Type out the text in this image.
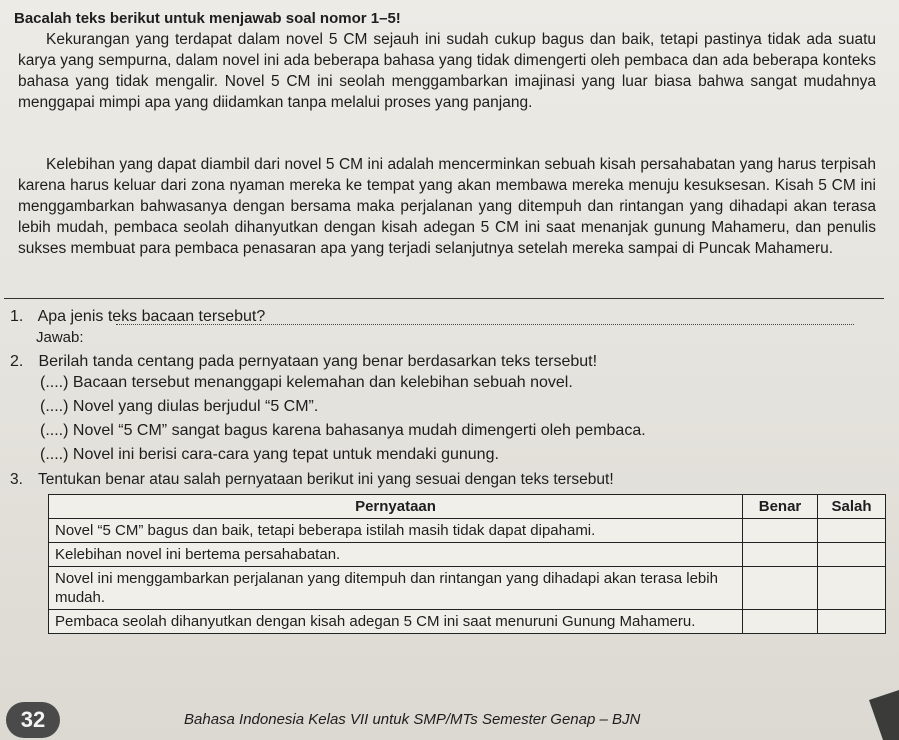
Bacalah teks berikut untuk menjawab soal nomor 1–5!

Kekurangan yang terdapat dalam novel 5 CM sejauh ini sudah cukup bagus dan baik, tetapi pastinya tidak ada suatu karya yang sempurna, dalam novel ini ada beberapa bahasa yang tidak dimengerti oleh pembaca dan ada beberapa konteks bahasa yang tidak mengalir. Novel 5 CM ini seolah menggambarkan imajinasi yang luar biasa bahwa sangat mudahnya menggapai mimpi apa yang diidamkan tanpa melalui proses yang panjang.

Kelebihan yang dapat diambil dari novel 5 CM ini adalah mencerminkan sebuah kisah persahabatan yang harus terpisah karena harus keluar dari zona nyaman mereka ke tempat yang akan membawa mereka menuju kesuksesan. Kisah 5 CM ini menggambarkan bahwasanya dengan bersama maka perjalanan yang ditempuh dan rintangan yang dihadapi akan terasa lebih mudah, pembaca seolah dihanyutkan dengan kisah adegan 5 CM ini saat menanjak gunung Mahameru, dan penulis sukses membuat para pembaca penasaran apa yang terjadi selanjutnya setelah mereka sampai di Puncak Mahameru.

1. Apa jenis teks bacaan tersebut?
Jawab:
2. Berilah tanda centang pada pernyataan yang benar berdasarkan teks tersebut!
(....) Bacaan tersebut menanggapi kelemahan dan kelebihan sebuah novel.
(....) Novel yang diulas berjudul “5 CM”.
(....) Novel “5 CM” sangat bagus karena bahasanya mudah dimengerti oleh pembaca.
(....) Novel ini berisi cara-cara yang tepat untuk mendaki gunung.
3. Tentukan benar atau salah pernyataan berikut ini yang sesuai dengan teks tersebut!
Pernyataan	Benar	Salah
Novel “5 CM” bagus dan baik, tetapi beberapa istilah masih tidak dapat dipahami.		
Kelebihan novel ini bertema persahabatan.		
Novel ini menggambarkan perjalanan yang ditempuh dan rintangan yang dihadapi akan terasa lebih mudah.		
Pembaca seolah dihanyutkan dengan kisah adegan 5 CM ini saat menuruni Gunung Mahameru.		
32	Bahasa Indonesia Kelas VII untuk SMP/MTs Semester Genap – BJN
